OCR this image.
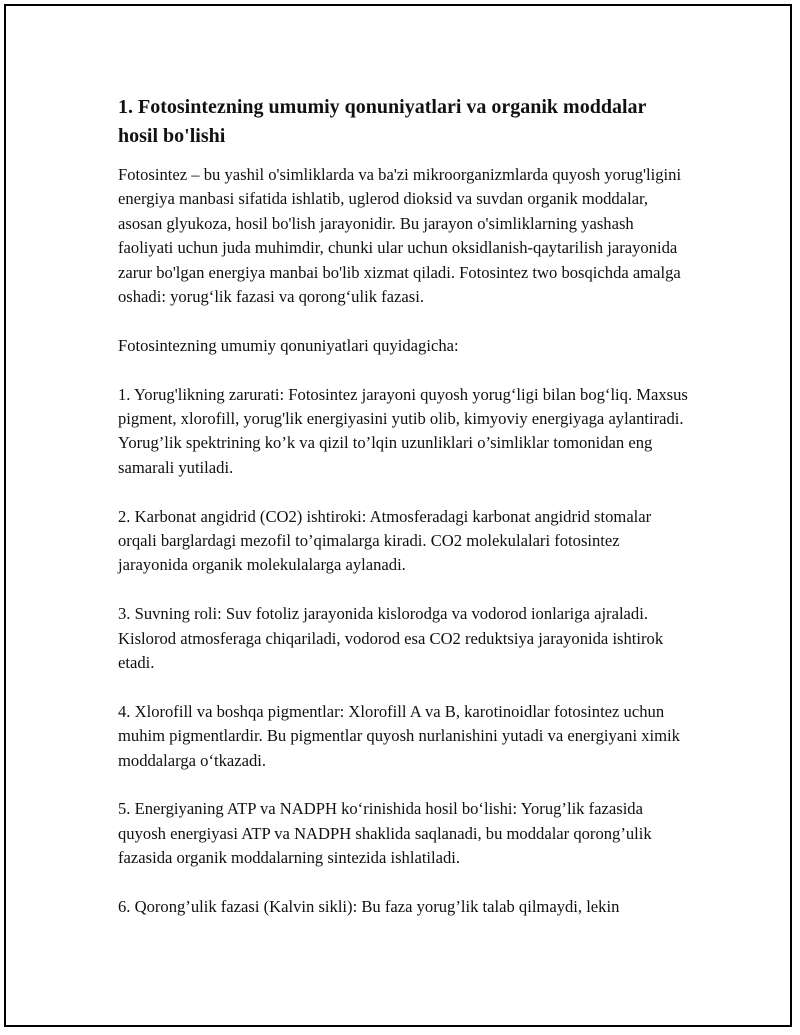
1. Fotosintezning umumiy qonuniyatlari va organik moddalar hosil bo'lishi

Fotosintez – bu yashil o'simliklarda va ba'zi mikroorganizmlarda quyosh yorug'ligini energiya manbasi sifatida ishlatib, uglerod dioksid va suvdan organik moddalar, asosan glyukoza, hosil bo'lish jarayonidir. Bu jarayon o'simliklarning yashash faoliyati uchun juda muhimdir, chunki ular uchun oksidlanish-qaytarilish jarayonida zarur bo'lgan energiya manbai bo'lib xizmat qiladi. Fotosintez two bosqichda amalga oshadi: yorug‘lik fazasi va qorong‘ulik fazasi.

Fotosintezning umumiy qonuniyatlari quyidagicha:

1. Yorug'likning zarurati: Fotosintez jarayoni quyosh yorug‘ligi bilan bog‘liq. Maxsus pigment, xlorofill, yorug'lik energiyasini yutib olib, kimyoviy energiyaga aylantiradi. Yorug’lik spektrining ko’k va qizil to’lqin uzunliklari o’simliklar tomonidan eng samarali yutiladi.

2. Karbonat angidrid (CO2) ishtiroki: Atmosferadagi karbonat angidrid stomalar orqali barglardagi mezofil to’qimalarga kiradi. CO2 molekulalari fotosintez jarayonida organik molekulalarga aylanadi.

3. Suvning roli: Suv fotoliz jarayonida kislorodga va vodorod ionlariga ajraladi. Kislorod atmosferaga chiqariladi, vodorod esa CO2 reduktsiya jarayonida ishtirok etadi.

4. Xlorofill va boshqa pigmentlar: Xlorofill A va B, karotinoidlar fotosintez uchun muhim pigmentlardir. Bu pigmentlar quyosh nurlanishini yutadi va energiyani ximik moddalarga o‘tkazadi.

5. Energiyaning ATP va NADPH ko‘rinishida hosil bo‘lishi: Yorug’lik fazasida quyosh energiyasi ATP va NADPH shaklida saqlanadi, bu moddalar qorong’ulik fazasida organik moddalarning sintezida ishlatiladi.

6. Qorong’ulik fazasi (Kalvin sikli): Bu faza yorug’lik talab qilmaydi, lekin
